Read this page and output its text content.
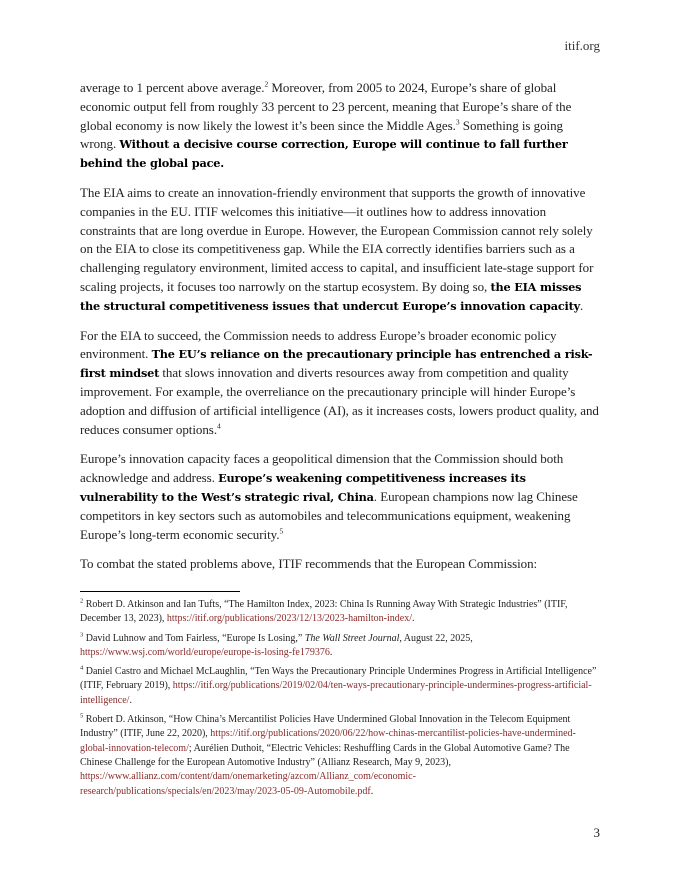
itif.org

average to 1 percent above average.$^2$ Moreover, from 2005 to 2024, Europe’s share of global economic output fell from roughly 33 percent to 23 percent, meaning that Europe’s share of the global economy is now likely the lowest it’s been since the Middle Ages.$^3$ Something is going wrong. Without a decisive course correction, Europe will continue to fall further behind the global pace.

The EIA aims to create an innovation-friendly environment that supports the growth of innovative companies in the EU. ITIF welcomes this initiative—it outlines how to address innovation constraints that are long overdue in Europe. However, the European Commission cannot rely solely on the EIA to close its competitiveness gap. While the EIA correctly identifies barriers such as a challenging regulatory environment, limited access to capital, and insufficient late-stage support for scaling projects, it focuses too narrowly on the startup ecosystem. By doing so, the EIA misses the structural competitiveness issues that undercut Europe’s innovation capacity.

For the EIA to succeed, the Commission needs to address Europe’s broader economic policy environment. The EU’s reliance on the precautionary principle has entrenched a risk-first mindset that slows innovation and diverts resources away from competition and quality improvement. For example, the overreliance on the precautionary principle will hinder Europe’s adoption and diffusion of artificial intelligence (AI), as it increases costs, lowers product quality, and reduces consumer options.$^4$

Europe’s innovation capacity faces a geopolitical dimension that the Commission should both acknowledge and address. Europe’s weakening competitiveness increases its vulnerability to the West’s strategic rival, China. European champions now lag Chinese competitors in key sectors such as automobiles and telecommunications equipment, weakening Europe’s long-term economic security.$^5$

To combat the stated problems above, ITIF recommends that the European Commission:

$^2$ Robert D. Atkinson and Ian Tufts, “The Hamilton Index, 2023: China Is Running Away With Strategic Industries” (ITIF, December 13, 2023), https://itif.org/publications/2023/12/13/2023-hamilton-index/.
$^3$ David Luhnow and Tom Fairless, “Europe Is Losing,” The Wall Street Journal, August 22, 2025, https://www.wsj.com/world/europe/europe-is-losing-fe179376.
$^4$ Daniel Castro and Michael McLaughlin, “Ten Ways the Precautionary Principle Undermines Progress in Artificial Intelligence” (ITIF, February 2019), https://itif.org/publications/2019/02/04/ten-ways-precautionary-principle-undermines-progress-artificial-intelligence/.
$^5$ Robert D. Atkinson, “How China’s Mercantilist Policies Have Undermined Global Innovation in the Telecom Equipment Industry” (ITIF, June 22, 2020), https://itif.org/publications/2020/06/22/how-chinas-mercantilist-policies-have-undermined-global-innovation-telecom/; Aurélien Duthoit, “Electric Vehicles: Reshuffling Cards in the Global Automotive Game? The Chinese Challenge for the European Automotive Industry” (Allianz Research, May 9, 2023), https://www.allianz.com/content/dam/onemarketing/azcom/Allianz_com/economic-research/publications/specials/en/2023/may/2023-05-09-Automobile.pdf.
3
